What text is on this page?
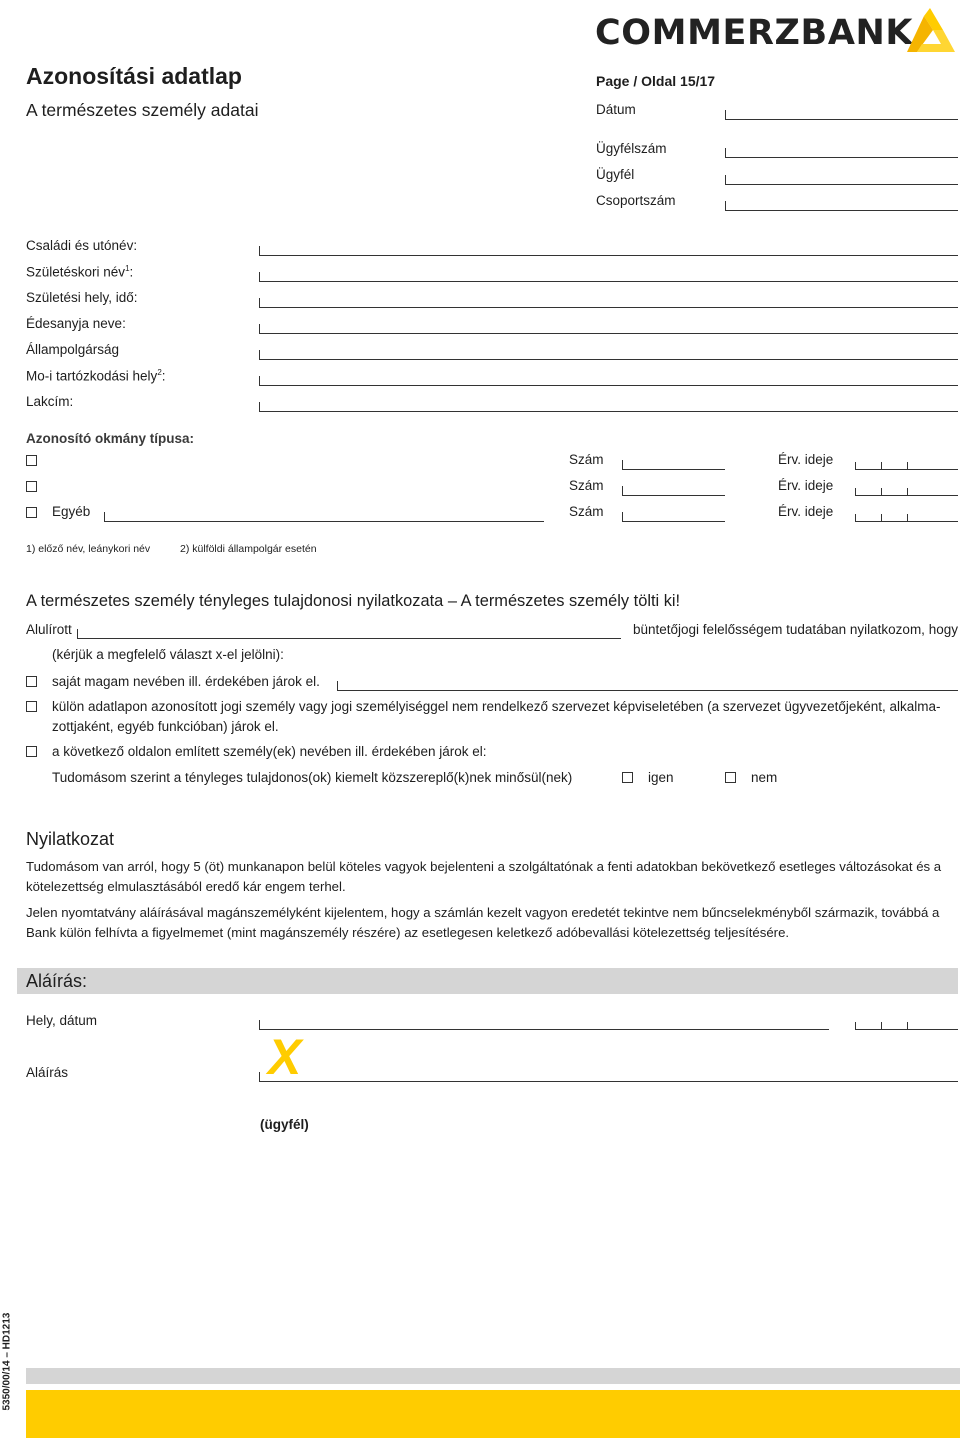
COMMERZBANK
Azonosítási adatlap
A természetes személy adatai
Page / Oldal 15/17
Dátum
Ügyfélszám
Ügyfél
Csoportszám
Családi és utónév:
Születéskori név$^1$:
Születési hely, idő:
Édesanyja neve:
Állampolgárság
Mo-i tartózkodási hely$^2$:
Lakcím:
Azonosító okmány típusa:
Szám	Érv. ideje
Szám	Érv. ideje
Egyéb	Szám	Érv. ideje
1) előző név, leánykori név	2) külföldi állampolgár esetén
A természetes személy tényleges tulajdonosi nyilatkozata – A természetes személy tölti ki!
Alulírott	büntetőjogi felelősségem tudatában nyilatkozom, hogy
(kérjük a megfelelő választ x-el jelölni):
saját magam nevében ill. érdekében járok el.
külön adatlapon azonosított jogi személy vagy jogi személyiséggel nem rendelkező szervezet képviseletében (a szervezet ügyvezetőjeként, alkalma-
zottjaként, egyéb funkcióban) járok el.
a következő oldalon említett személy(ek) nevében ill. érdekében járok el:
Tudomásom szerint a tényleges tulajdonos(ok) kiemelt közszereplő(k)nek minősül(nek)	igen	nem
Nyilatkozat
Tudomásom van arról, hogy 5 (öt) munkanapon belül köteles vagyok bejelenteni a szolgáltatónak a fenti adatokban bekövetkező esetleges változásokat és a kötelezettség elmulasztásából eredő kár engem terhel.
Jelen nyomtatvány aláírásával magánszemélyként kijelentem, hogy a számlán kezelt vagyon eredetét tekintve nem bűncselekményből származik, továbbá a Bank külön felhívta a figyelmemet (mint magánszemély részére) az esetlegesen keletkező adóbevallási kötelezettség teljesítésére.
Aláírás:
Hely, dátum
Aláírás	X
(ügyfél)
5350/00/14 – HD1213
